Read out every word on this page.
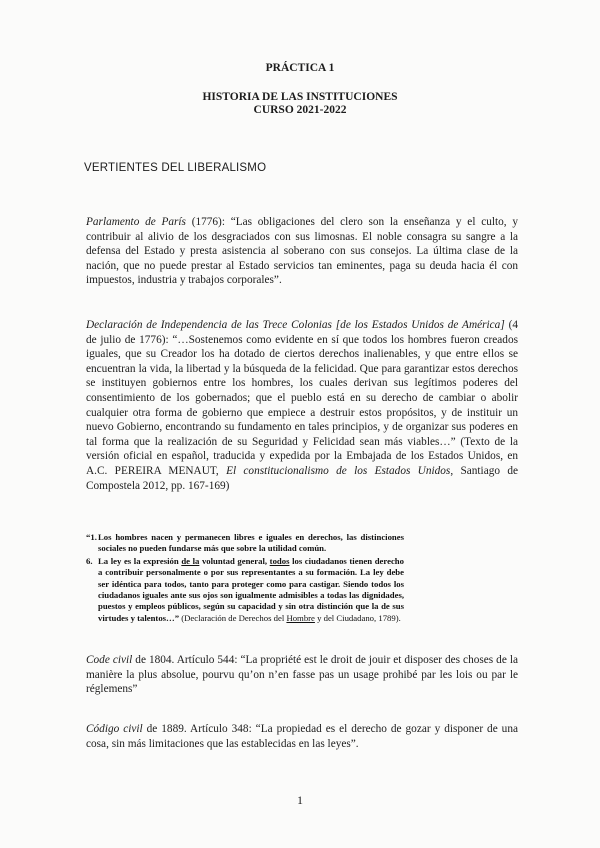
PRÁCTICA 1
HISTORIA DE LAS INSTITUCIONES
CURSO 2021-2022
VERTIENTES DEL LIBERALISMO

Parlamento de París (1776): “Las obligaciones del clero son la enseñanza y el culto, y contribuir al alivio de los desgraciados con sus limosnas. El noble consagra su sangre a la defensa del Estado y presta asistencia al soberano con sus consejos. La última clase de la nación, que no puede prestar al Estado servicios tan eminentes, paga su deuda hacia él con impuestos, industria y trabajos corporales”.

Declaración de Independencia de las Trece Colonias [de los Estados Unidos de América] (4 de julio de 1776): “…Sostenemos como evidente en sí que todos los hombres fueron creados iguales, que su Creador los ha dotado de ciertos derechos inalienables, y que entre ellos se encuentran la vida, la libertad y la búsqueda de la felicidad. Que para garantizar estos derechos se instituyen gobiernos entre los hombres, los cuales derivan sus legítimos poderes del consentimiento de los gobernados; que el pueblo está en su derecho de cambiar o abolir cualquier otra forma de gobierno que empiece a destruir estos propósitos, y de instituir un nuevo Gobierno, encontrando su fundamento en tales principios, y de organizar sus poderes en tal forma que la realización de su Seguridad y Felicidad sean más viables…” (Texto de la versión oficial en español, traducida y expedida por la Embajada de los Estados Unidos, en A.C. PEREIRA MENAUT, El constitucionalismo de los Estados Unidos, Santiago de Compostela 2012, pp. 167-169)

“1. Los hombres nacen y permanecen libres e iguales en derechos, las distinciones sociales no pueden fundarse más que sobre la utilidad común.
6. La ley es la expresión de la voluntad general, todos los ciudadanos tienen derecho a contribuir personalmente o por sus representantes a su formación. La ley debe ser idéntica para todos, tanto para proteger como para castigar. Siendo todos los ciudadanos iguales ante sus ojos son igualmente admisibles a todas las dignidades, puestos y empleos públicos, según su capacidad y sin otra distinción que la de sus virtudes y talentos…” (Declaración de Derechos del Hombre y del Ciudadano, 1789).

Code civil de 1804. Artículo 544: “La propriété est le droit de jouir et disposer des choses de la manière la plus absolue, pourvu qu’on n’en fasse pas un usage prohibé par les lois ou par le réglemens”

Código civil de 1889. Artículo 348: “La propiedad es el derecho de gozar y disponer de una cosa, sin más limitaciones que las establecidas en las leyes”.

1
